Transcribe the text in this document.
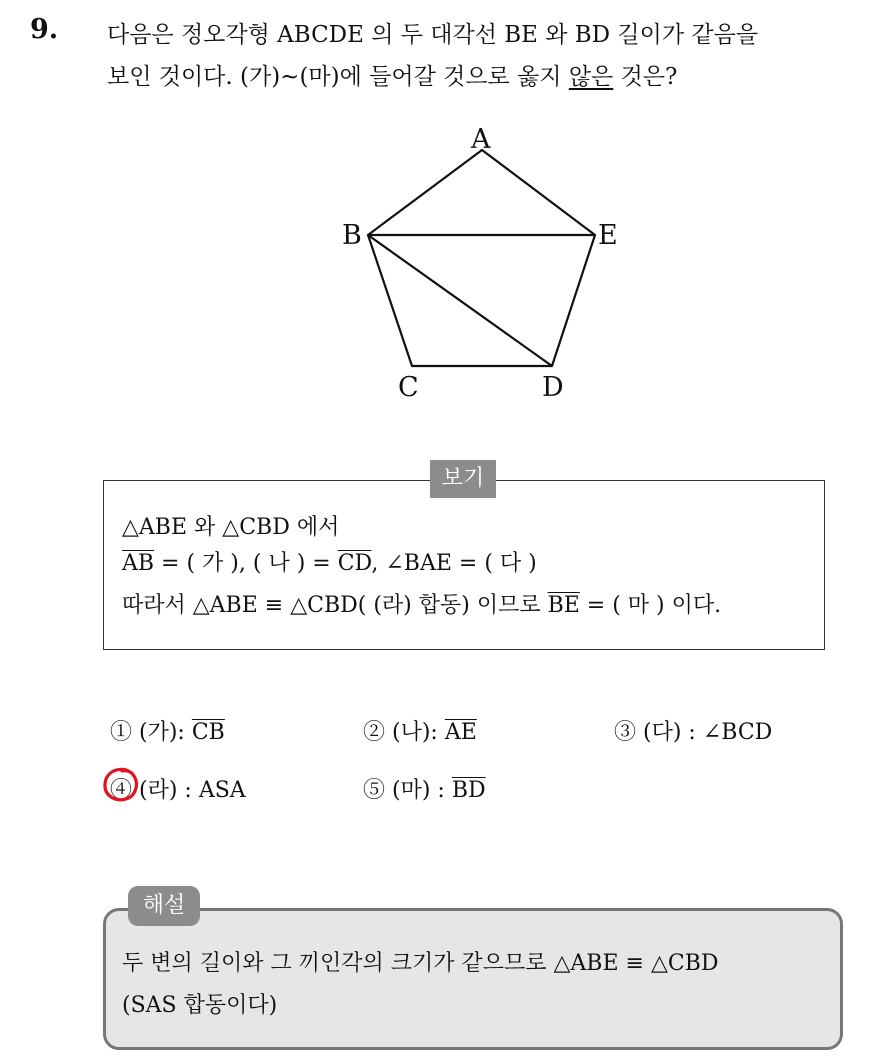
9. 다음은 정오각형 ABCDE 의 두 대각선 BE 와 BD 길이가 같음을
보인 것이다. (가)~(마)에 들어갈 것으로 옳지 않은 것은?
A
B
C	D
E
보기
△ABE 와 △CBD 에서
$\overline{AB}$ = ( 가 ), ( 나 ) = $\overline{CD}$, ∠BAE = ( 다 )
따라서 △ABE ≡ △CBD( (라) 합동) 이므로 $\overline{BE}$ = ( 마 ) 이다.
① (가): $\overline{CB}$	② (나): $\overline{AE}$	③ (다) : ∠BCD
④ (라) : ASA	⑤ (마) : $\overline{BD}$
해설
두 변의 길이와 그 끼인각의 크기가 같으므로 △ABE ≡ △CBD
(SAS 합동이다)
